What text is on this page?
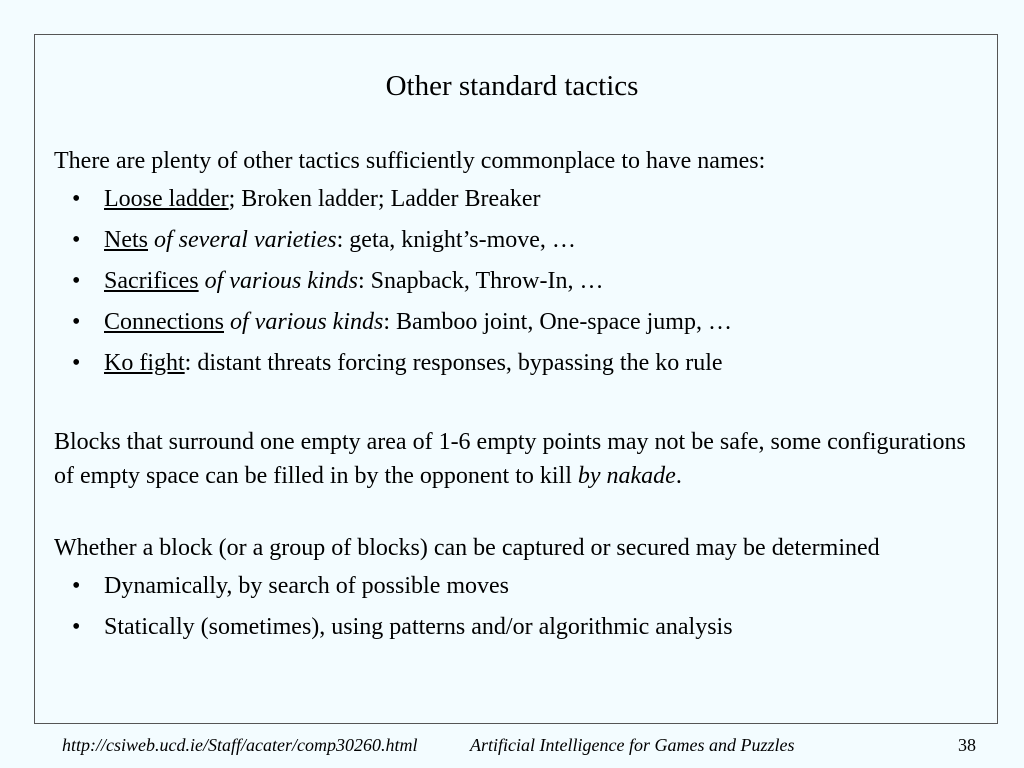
Other standard tactics

There are plenty of other tactics sufficiently commonplace to have names:

• Loose ladder; Broken ladder; Ladder Breaker
• Nets of several varieties: geta, knight’s-move, …
• Sacrifices of various kinds: Snapback, Throw-In, …
• Connections of various kinds: Bamboo joint, One-space jump, …
• Ko fight: distant threats forcing responses, bypassing the ko rule

Blocks that surround one empty area of 1-6 empty points may not be safe, some configurations of empty space can be filled in by the opponent to kill by nakade.

Whether a block (or a group of blocks) can be captured or secured may be determined

• Dynamically, by search of possible moves
• Statically (sometimes), using patterns and/or algorithmic analysis
http://csiweb.ucd.ie/Staff/acater/comp30260.html	Artificial Intelligence for Games and Puzzles	38
